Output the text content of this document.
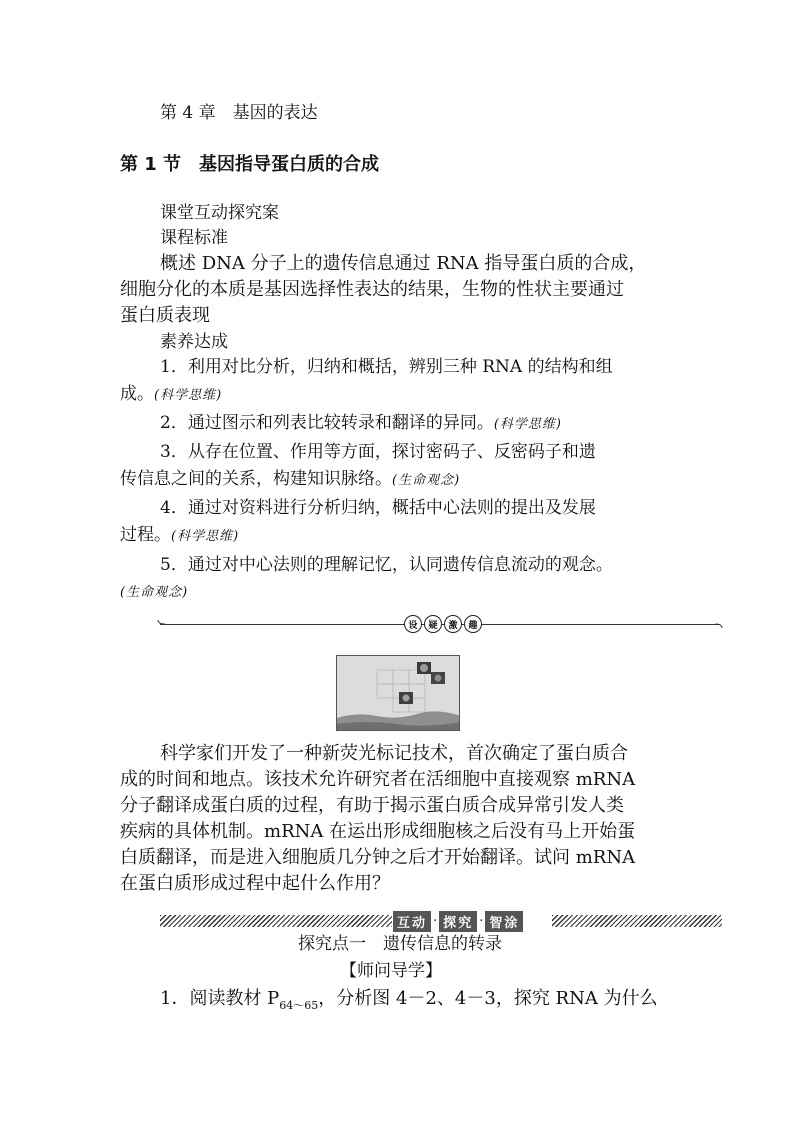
第 4 章　基因的表达
第 1 节　基因指导蛋白质的合成
课堂互动探究案
课程标准
概述 DNA 分子上的遗传信息通过 RNA 指导蛋白质的合成，
细胞分化的本质是基因选择性表达的结果，生物的性状主要通过
蛋白质表现
素养达成
1．利用对比分析，归纳和概括，辨别三种 RNA 的结构和组
成。(科学思维)
2．通过图示和列表比较转录和翻译的异同。(科学思维)
3．从存在位置、作用等方面，探讨密码子、反密码子和遗
传信息之间的关系，构建知识脉络。(生命观念)
4．通过对资料进行分析归纳，概括中心法则的提出及发展
过程。(科学思维)
5．通过对中心法则的理解记忆，认同遗传信息流动的观念。
(生命观念)
设	疑	激	趣
科学家们开发了一种新荧光标记技术，首次确定了蛋白质合
成的时间和地点。该技术允许研究者在活细胞中直接观察 mRNA
分子翻译成蛋白质的过程，有助于揭示蛋白质合成异常引发人类
疾病的具体机制。mRNA 在运出形成细胞核之后没有马上开始蛋
白质翻译，而是进入细胞质几分钟之后才开始翻译。试问 mRNA
在蛋白质形成过程中起什么作用？
互动 · 探究 · 智涂
探究点一　遗传信息的转录
【师问导学】
1．阅读教材 $P_{64\sim 65}$，分析图 4－2、4－3，探究 RNA 为什么
